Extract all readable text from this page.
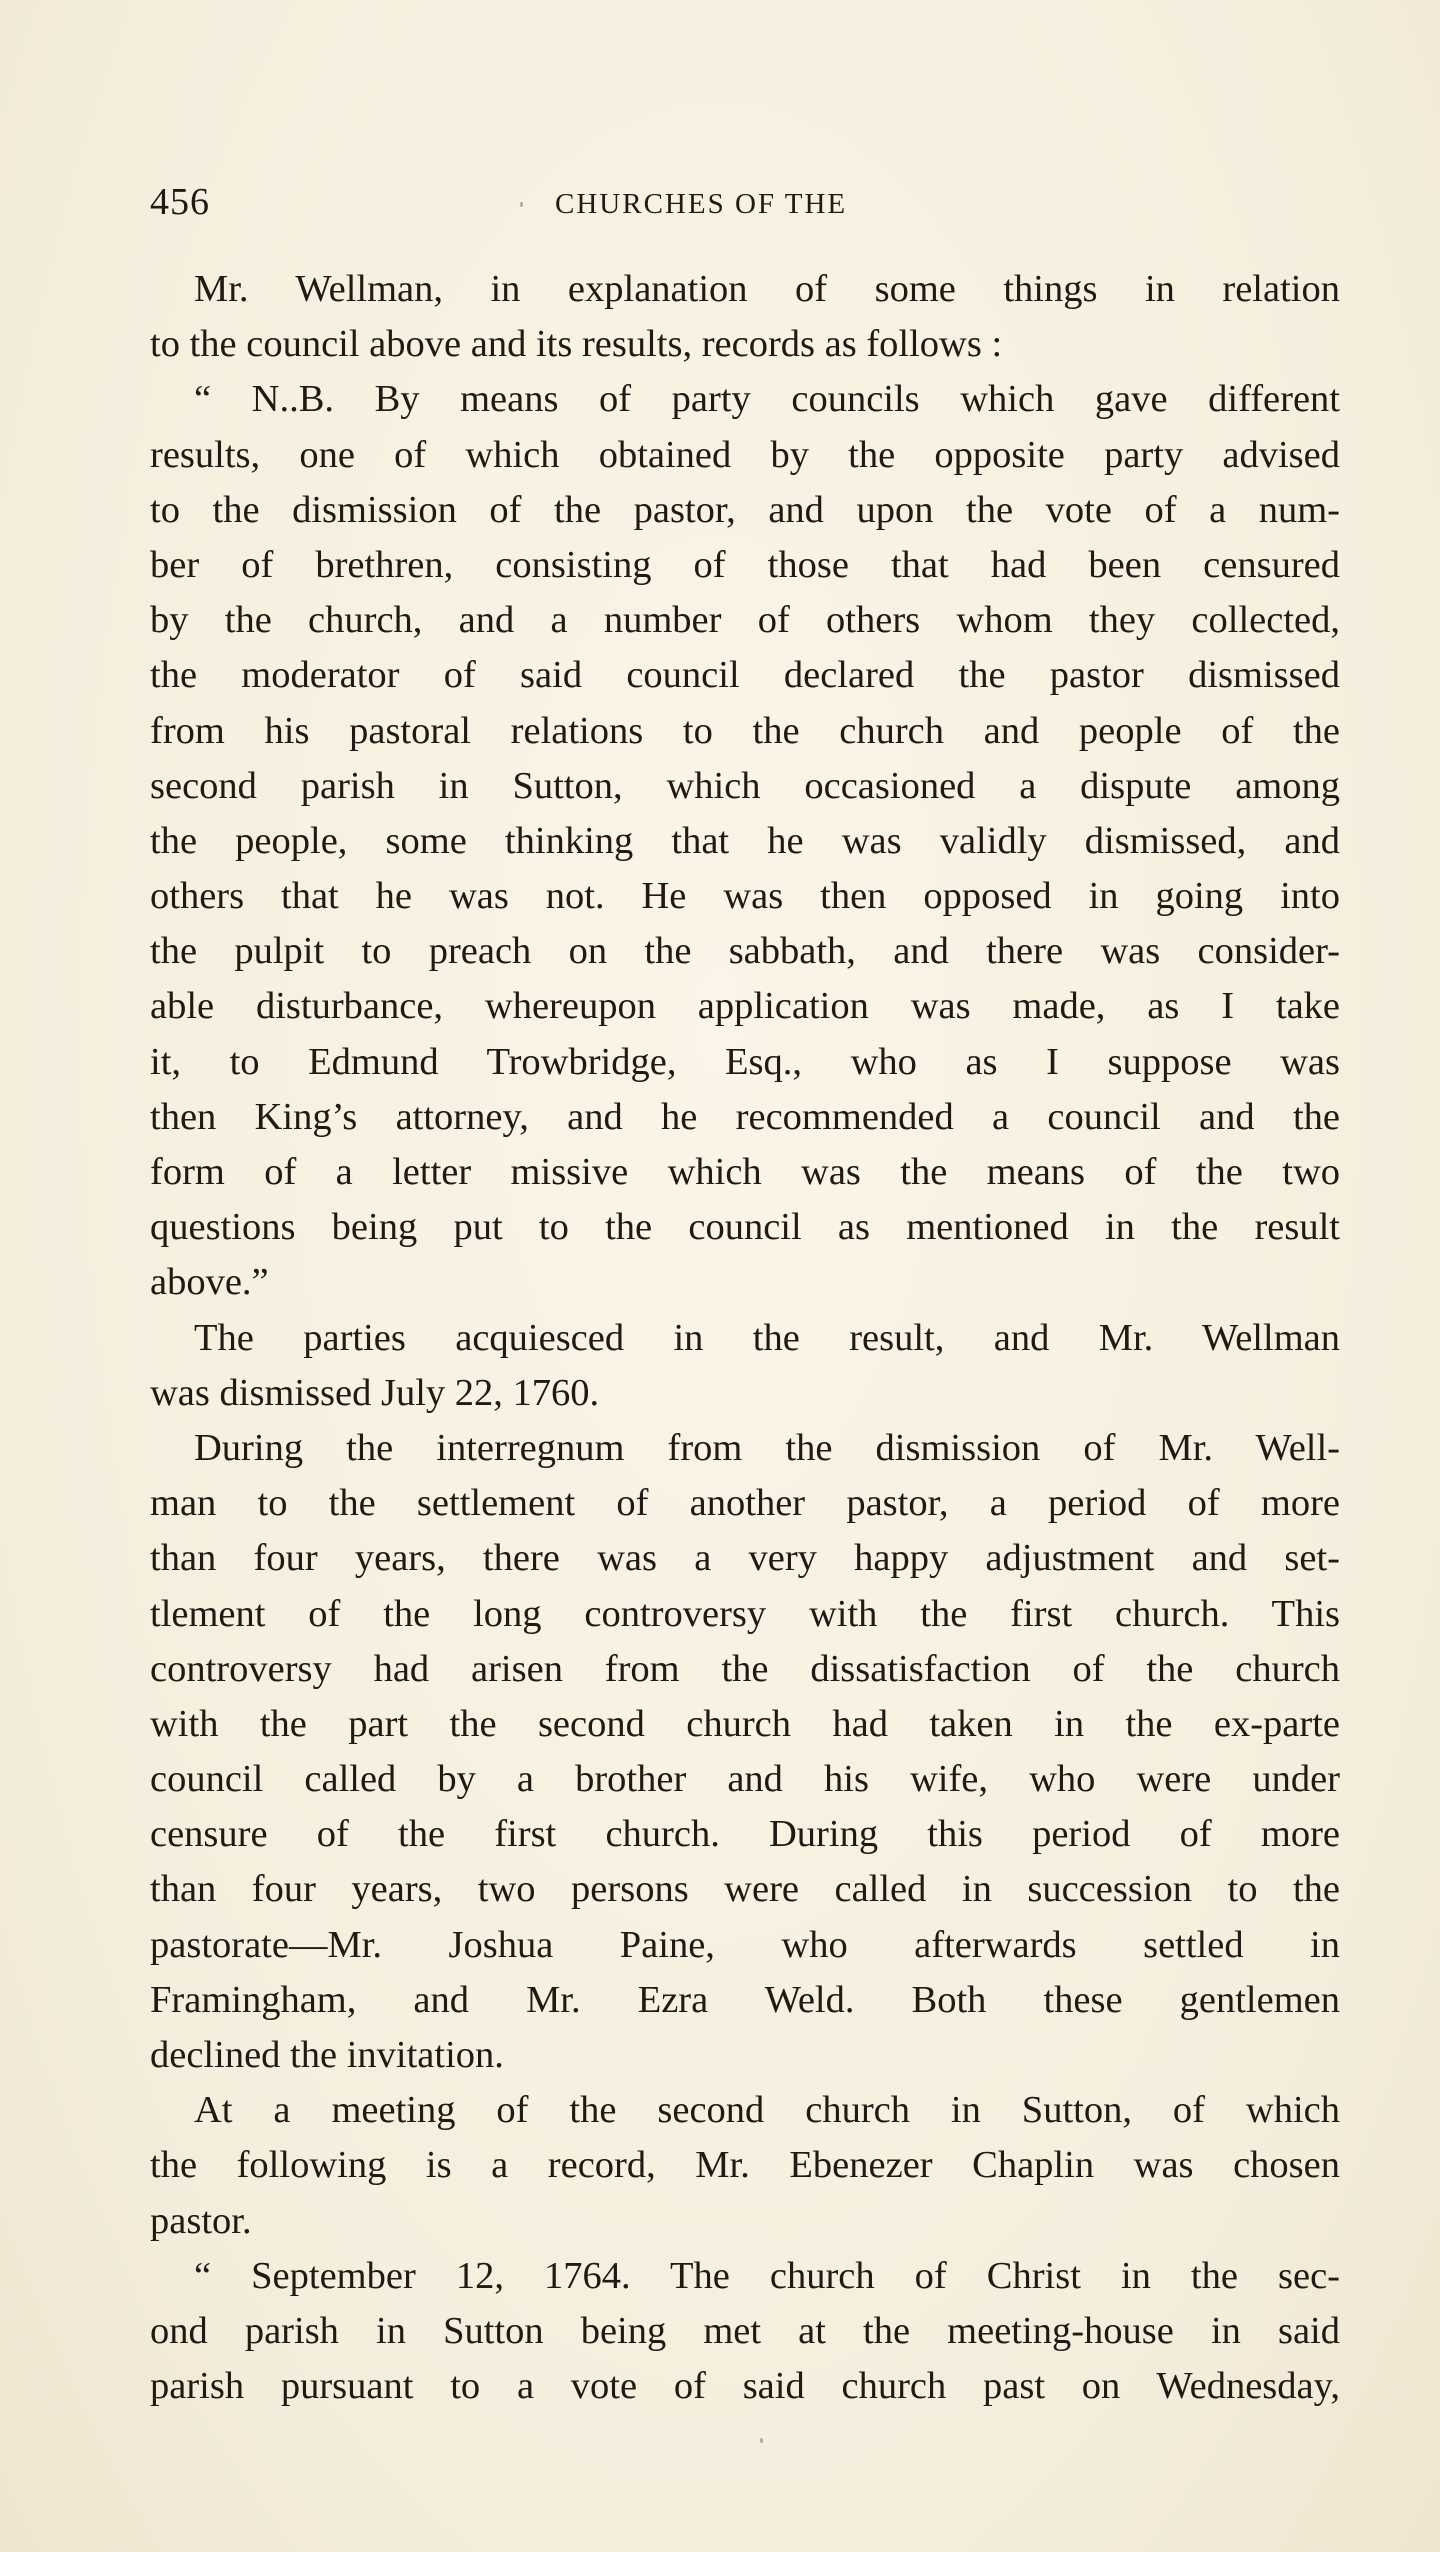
456	CHURCHES OF THE
Mr. Wellman, in explanation of some things in relation
to the council above and its results, records as follows :
“ N..B. By means of party councils which gave different
results, one of which obtained by the opposite party advised
to the dismission of the pastor, and upon the vote of a num-
ber of brethren, consisting of those that had been censured
by the church, and a number of others whom they collected,
the moderator of said council declared the pastor dismissed
from his pastoral relations to the church and people of the
second parish in Sutton, which occasioned a dispute among
the people, some thinking that he was validly dismissed, and
others that he was not. He was then opposed in going into
the pulpit to preach on the sabbath, and there was consider-
able disturbance, whereupon application was made, as I take
it, to Edmund Trowbridge, Esq., who as I suppose was
then King’s attorney, and he recommended a council and the
form of a letter missive which was the means of the two
questions being put to the council as mentioned in the result
above.”
The parties acquiesced in the result, and Mr. Wellman
was dismissed July 22, 1760.
During the interregnum from the dismission of Mr. Well-
man to the settlement of another pastor, a period of more
than four years, there was a very happy adjustment and set-
tlement of the long controversy with the first church. This
controversy had arisen from the dissatisfaction of the church
with the part the second church had taken in the ex-parte
council called by a brother and his wife, who were under
censure of the first church. During this period of more
than four years, two persons were called in succession to the
pastorate—Mr. Joshua Paine, who afterwards settled in
Framingham, and Mr. Ezra Weld. Both these gentlemen
declined the invitation.
At a meeting of the second church in Sutton, of which
the following is a record, Mr. Ebenezer Chaplin was chosen
pastor.
“ September 12, 1764. The church of Christ in the sec-
ond parish in Sutton being met at the meeting-house in said
parish pursuant to a vote of said church past on Wednesday,
